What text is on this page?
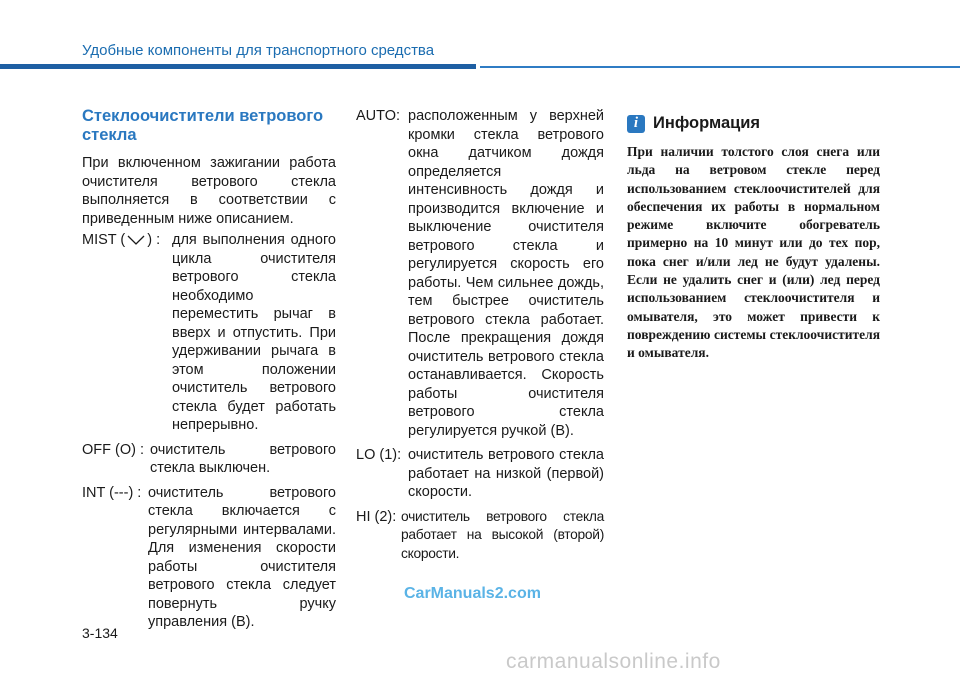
Удобные компоненты для транспортного средства
Стеклоочистители ветрового стекла

При включенном зажигании работа очистителя ветрового стекла выполняется в соответствии с приведенным ниже описанием.

MIST ( ) : для выполнения одного цикла очистителя ветрового стекла необходимо переместить рычаг в вверх и отпустить. При удерживании рычага в этом положении очиститель ветрового стекла будет работать непрерывно.
OFF (O) : очиститель ветрового стекла выключен.
INT (---) : очиститель ветрового стекла включается с регулярными интервалами. Для изменения скорости работы очистителя ветрового стекла следует повернуть ручку управления (B).
AUTO: расположенным у верхней кромки стекла ветрового окна датчиком дождя определяется интенсивность дождя и производится включение и выключение очистителя ветрового стекла и регулируется скорость его работы. Чем сильнее дождь, тем быстрее очиститель ветрового стекла работает. После прекращения дождя очиститель ветрового стекла останавливается. Скорость работы очистителя ветрового стекла регулируется ручкой (B).
LO (1): очиститель ветрового стекла работает на низкой (первой) скорости.
HI (2): очиститель ветрового стекла работает на высокой (второй) скорости.
i Информация

При наличии толстого слоя снега или льда на ветровом стекле перед использованием стеклоочистителей для обеспечения их работы в нормальном режиме включите обогреватель примерно на 10 минут или до тех пор, пока снег и/или лед не будут удалены. Если не удалить снег и (или) лед перед использованием стеклоочистителя и омывателя, это может привести к повреждению системы стеклоочистителя и омывателя.

CarManuals2.com
3-134
carmanualsonline.info
